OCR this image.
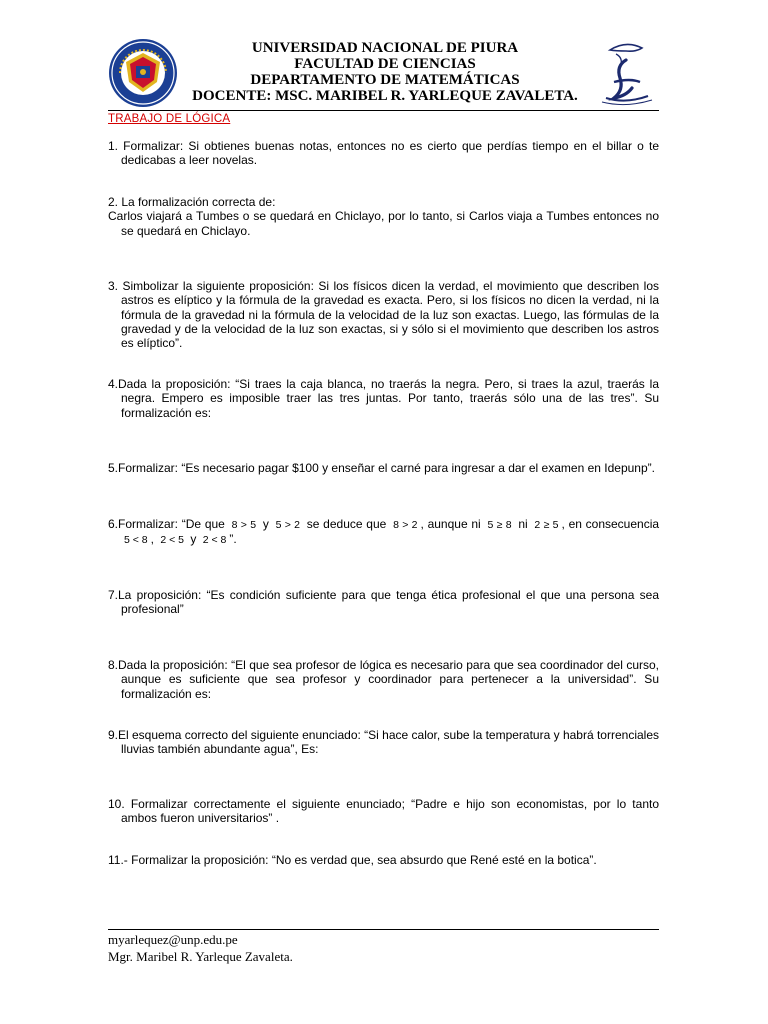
UNIVERSIDAD NACIONAL DE PIURA
FACULTAD DE CIENCIAS
DEPARTAMENTO DE MATEMÁTICAS
DOCENTE: MSC. MARIBEL R. YARLEQUE ZAVALETA.
TRABAJO DE LÓGICA

1. Formalizar: Si obtienes buenas notas, entonces no es cierto que perdías tiempo en el billar o te dedicabas a leer novelas.

2. La formalización correcta de:

Carlos viajará a Tumbes o se quedará en Chiclayo, por lo tanto, si Carlos viaja a Tumbes entonces no se quedará en Chiclayo.

3. Simbolizar la siguiente proposición: Si los físicos dicen la verdad, el movimiento que describen los astros es elíptico y la fórmula de la gravedad es exacta. Pero, si los físicos no dicen la verdad, ni la fórmula de la gravedad ni la fórmula de la velocidad de la luz son exactas. Luego, las fórmulas de la gravedad y de la velocidad de la luz son exactas, si y sólo si el movimiento que describen los astros es elíptico”.

4.Dada la proposición: “Si traes la caja blanca, no traerás la negra. Pero, si traes la azul, traerás la negra. Empero es imposible traer las tres juntas. Por tanto, traerás sólo una de las tres”. Su formalización es:

5.Formalizar: “Es necesario pagar $100 y enseñar el carné para ingresar a dar el examen en Idepunp”.

6.Formalizar: “De que 8 > 5 y 5 > 2 se deduce que 8 > 2 , aunque ni 5 ≥ 8 ni 2 ≥ 5 , en consecuencia 5 < 8 , 2 < 5 y 2 < 8 ”.

7.La proposición: “Es condición suficiente para que tenga ética profesional el que una persona sea profesional”

8.Dada la proposición: “El que sea profesor de lógica es necesario para que sea coordinador del curso, aunque es suficiente que sea profesor y coordinador para pertenecer a la universidad”. Su formalización es:

9.El esquema correcto del siguiente enunciado: “Si hace calor, sube la temperatura y habrá torrenciales lluvias también abundante agua”, Es:

10. Formalizar correctamente el siguiente enunciado; “Padre e hijo son economistas, por lo tanto ambos fueron universitarios” .

11.- Formalizar la proposición: “No es verdad que, sea absurdo que René esté en la botica”.

myarlequez@unp.edu.pe
Mgr. Maribel R. Yarleque Zavaleta.
